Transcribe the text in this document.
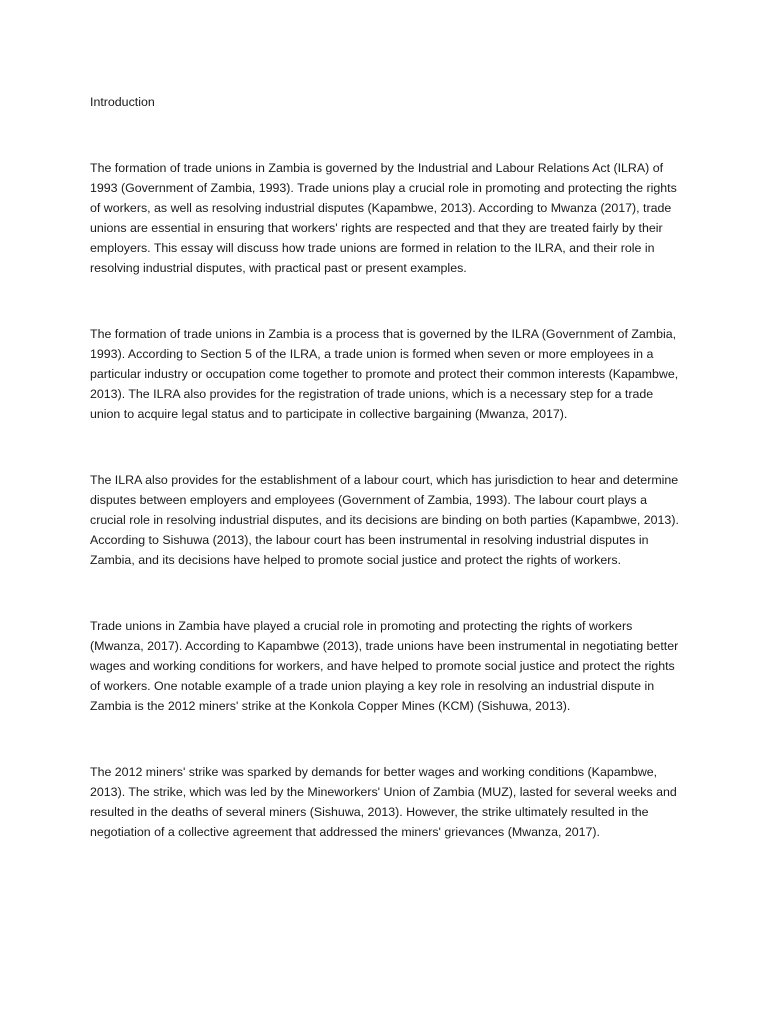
Introduction

The formation of trade unions in Zambia is governed by the Industrial and Labour Relations Act (ILRA) of 1993 (Government of Zambia, 1993). Trade unions play a crucial role in promoting and protecting the rights of workers, as well as resolving industrial disputes (Kapambwe, 2013). According to Mwanza (2017), trade unions are essential in ensuring that workers' rights are respected and that they are treated fairly by their employers. This essay will discuss how trade unions are formed in relation to the ILRA, and their role in resolving industrial disputes, with practical past or present examples.

The formation of trade unions in Zambia is a process that is governed by the ILRA (Government of Zambia, 1993). According to Section 5 of the ILRA, a trade union is formed when seven or more employees in a particular industry or occupation come together to promote and protect their common interests (Kapambwe, 2013). The ILRA also provides for the registration of trade unions, which is a necessary step for a trade union to acquire legal status and to participate in collective bargaining (Mwanza, 2017).

The ILRA also provides for the establishment of a labour court, which has jurisdiction to hear and determine disputes between employers and employees (Government of Zambia, 1993). The labour court plays a crucial role in resolving industrial disputes, and its decisions are binding on both parties (Kapambwe, 2013). According to Sishuwa (2013), the labour court has been instrumental in resolving industrial disputes in Zambia, and its decisions have helped to promote social justice and protect the rights of workers.

Trade unions in Zambia have played a crucial role in promoting and protecting the rights of workers (Mwanza, 2017). According to Kapambwe (2013), trade unions have been instrumental in negotiating better wages and working conditions for workers, and have helped to promote social justice and protect the rights of workers. One notable example of a trade union playing a key role in resolving an industrial dispute in Zambia is the 2012 miners' strike at the Konkola Copper Mines (KCM) (Sishuwa, 2013).

The 2012 miners' strike was sparked by demands for better wages and working conditions (Kapambwe, 2013). The strike, which was led by the Mineworkers' Union of Zambia (MUZ), lasted for several weeks and resulted in the deaths of several miners (Sishuwa, 2013). However, the strike ultimately resulted in the negotiation of a collective agreement that addressed the miners' grievances (Mwanza, 2017).
